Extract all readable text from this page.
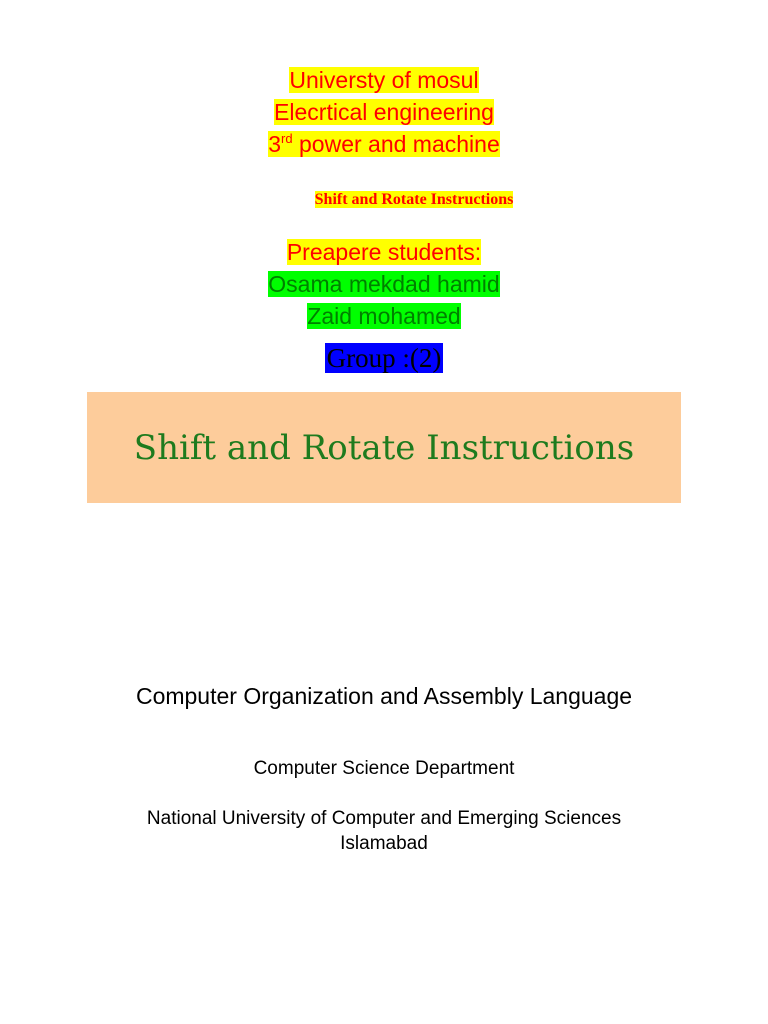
Universty of mosul
Elecrtical engineering
3rd power and machine
Shift and Rotate Instructions
Preapere students:
Osama mekdad hamid
Zaid mohamed
Group :(2)
Shift and Rotate Instructions
Computer Organization and Assembly Language
Computer Science Department
National University of Computer and Emerging Sciences
Islamabad
